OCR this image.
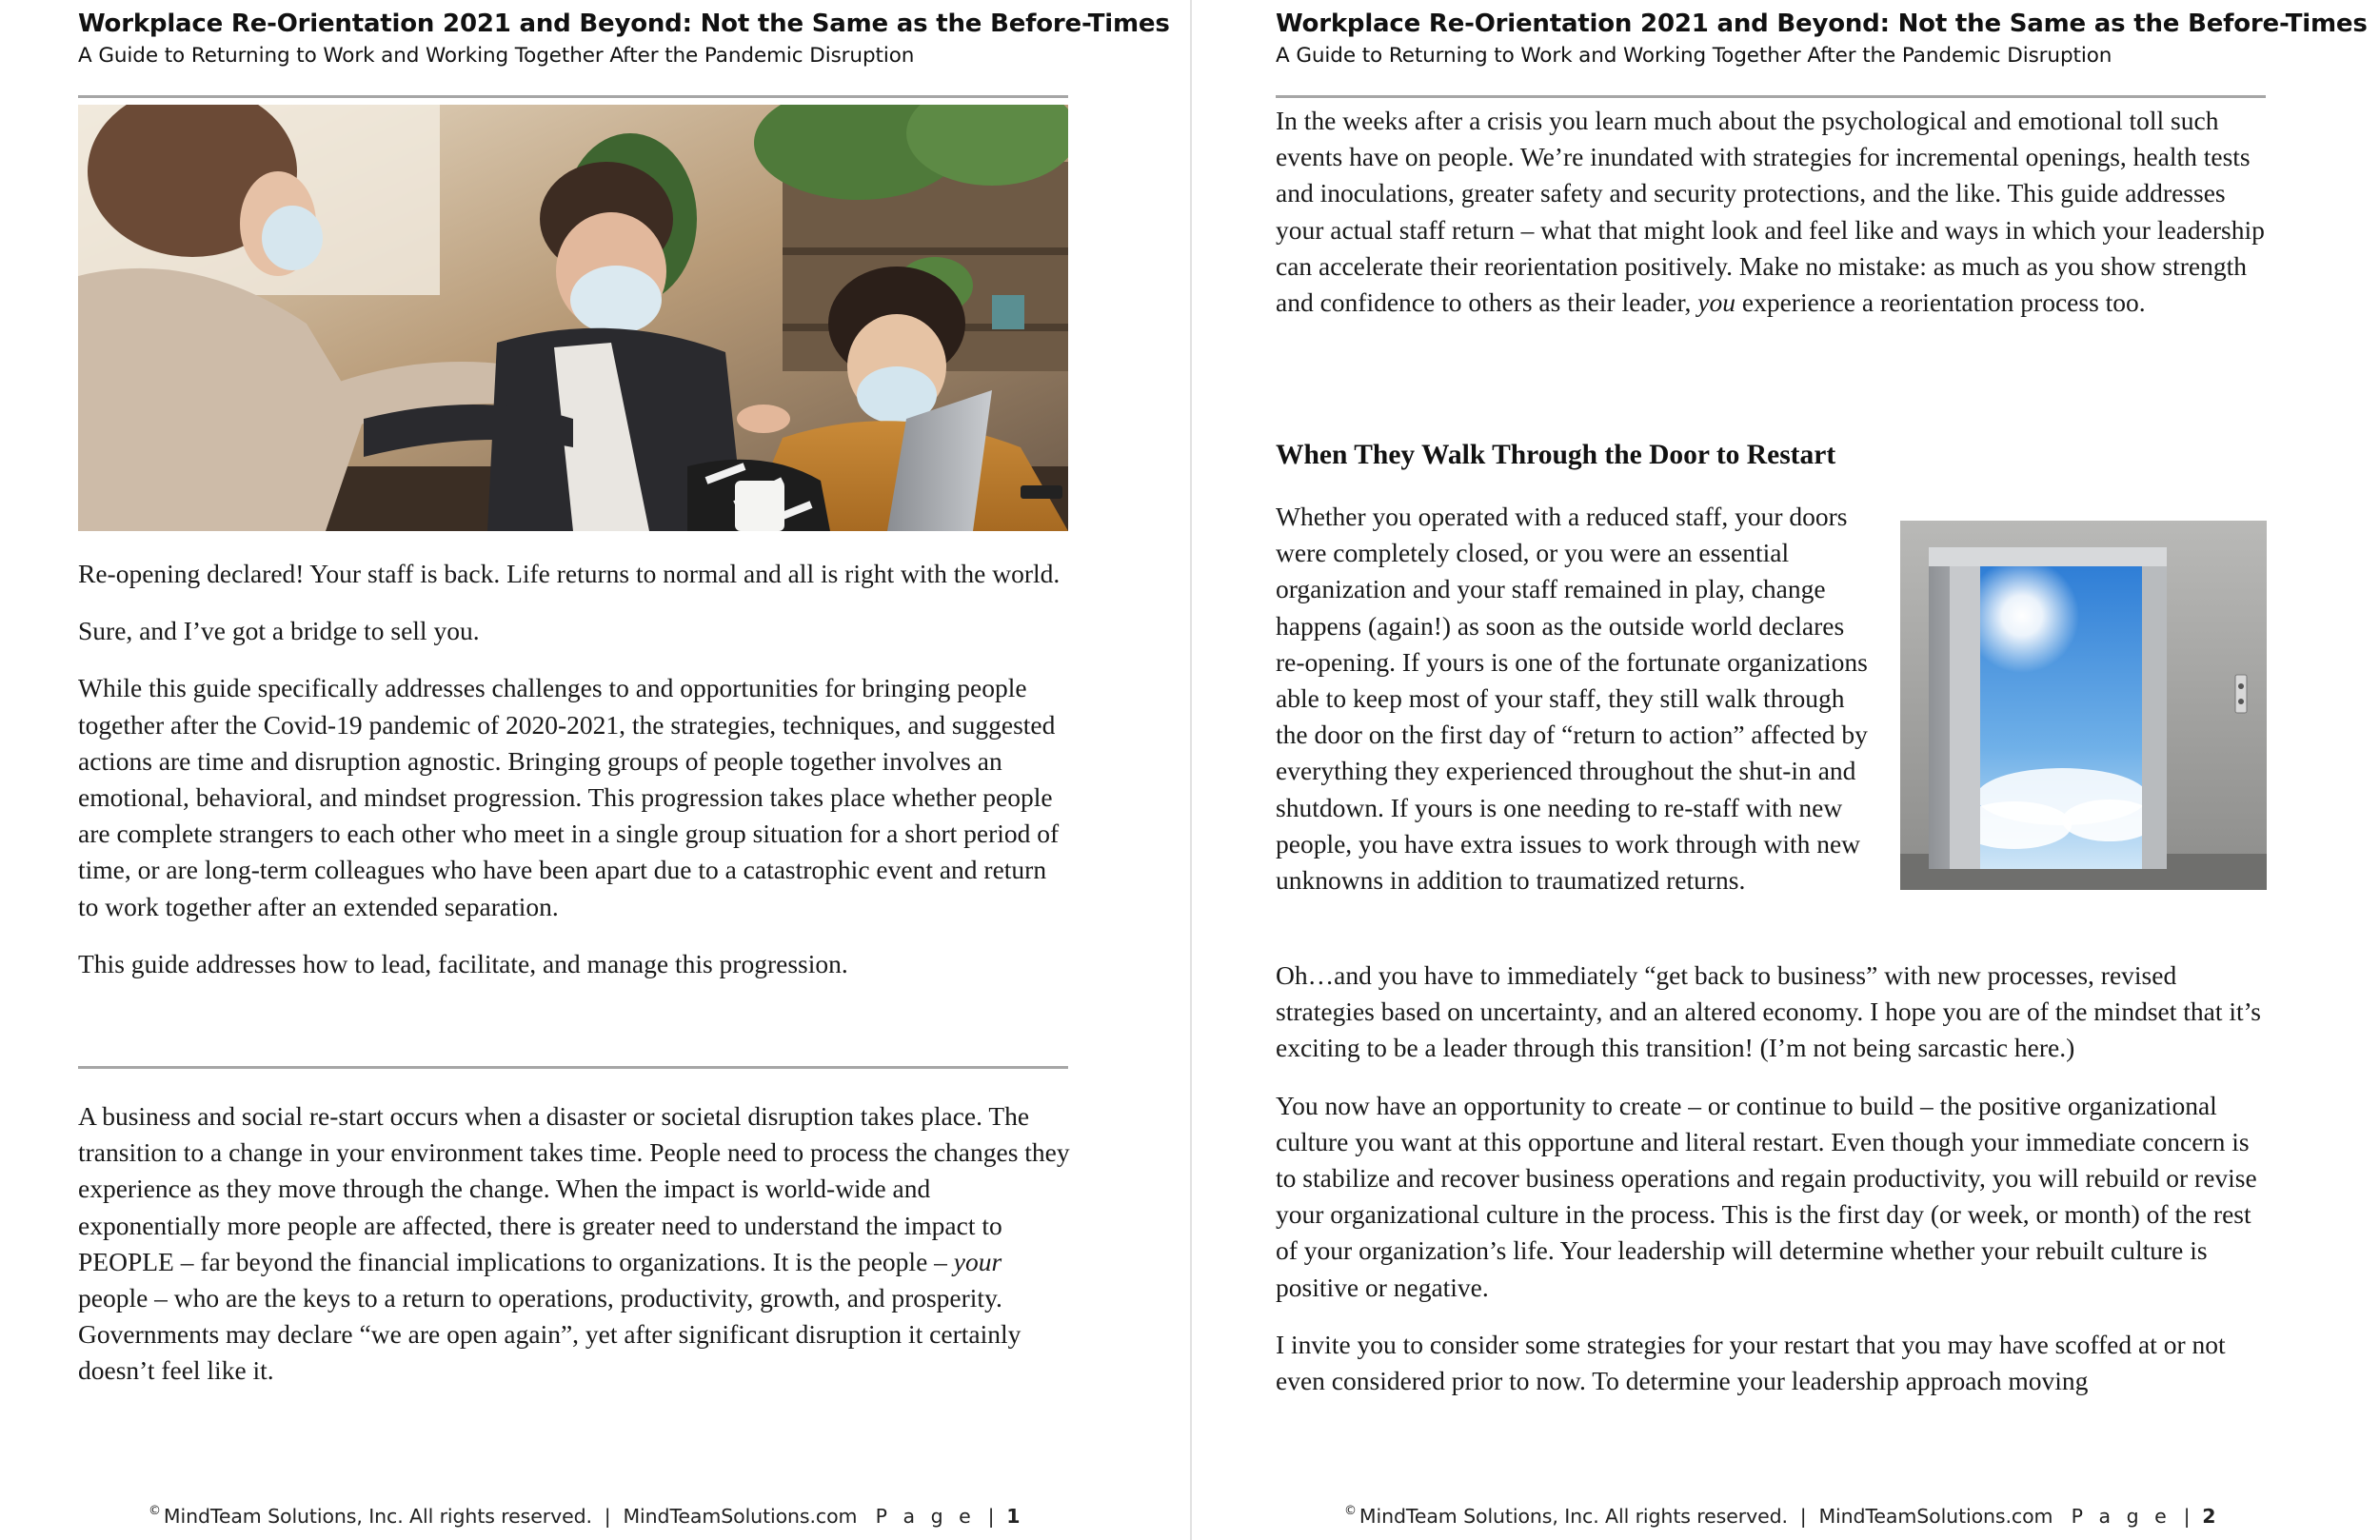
Workplace Re-Orientation 2021 and Beyond: Not the Same as the Before-Times
A Guide to Returning to Work and Working Together After the Pandemic Disruption

Re-opening declared! Your staff is back. Life returns to normal and all is right with the world.

Sure, and I’ve got a bridge to sell you.

While this guide specifically addresses challenges to and opportunities for bringing people together after the Covid-19 pandemic of 2020-2021, the strategies, techniques, and suggested actions are time and disruption agnostic. Bringing groups of people together involves an emotional, behavioral, and mindset progression. This progression takes place whether people are complete strangers to each other who meet in a single group situation for a short period of time, or are long-term colleagues who have been apart due to a catastrophic event and return to work together after an extended separation.

This guide addresses how to lead, facilitate, and manage this progression.

A business and social re-start occurs when a disaster or societal disruption takes place. The transition to a change in your environment takes time. People need to process the changes they experience as they move through the change. When the impact is world-wide and exponentially more people are affected, there is greater need to understand the impact to PEOPLE – far beyond the financial implications to organizations. It is the people – your people – who are the keys to a return to operations, productivity, growth, and prosperity. Governments may declare “we are open again”, yet after significant disruption it certainly doesn’t feel like it.

© MindTeam Solutions, Inc. All rights reserved. | MindTeamSolutions.com P a g e | 1
Workplace Re-Orientation 2021 and Beyond: Not the Same as the Before-Times
A Guide to Returning to Work and Working Together After the Pandemic Disruption

In the weeks after a crisis you learn much about the psychological and emotional toll such events have on people. We’re inundated with strategies for incremental openings, health tests and inoculations, greater safety and security protections, and the like. This guide addresses your actual staff return – what that might look and feel like and ways in which your leadership can accelerate their reorientation positively. Make no mistake: as much as you show strength and confidence to others as their leader, you experience a reorientation process too.

When They Walk Through the Door to Restart

Whether you operated with a reduced staff, your doors were completely closed, or you were an essential organization and your staff remained in play, change happens (again!) as soon as the outside world declares re-opening. If yours is one of the fortunate organizations able to keep most of your staff, they still walk through the door on the first day of “return to action” affected by everything they experienced throughout the shut-in and shutdown. If yours is one needing to re-staff with new people, you have extra issues to work through with new unknowns in addition to traumatized returns.

Oh…and you have to immediately “get back to business” with new processes, revised strategies based on uncertainty, and an altered economy. I hope you are of the mindset that it’s exciting to be a leader through this transition! (I’m not being sarcastic here.)

You now have an opportunity to create – or continue to build – the positive organizational culture you want at this opportune and literal restart. Even though your immediate concern is to stabilize and recover business operations and regain productivity, you will rebuild or revise your organizational culture in the process. This is the first day (or week, or month) of the rest of your organization’s life. Your leadership will determine whether your rebuilt culture is positive or negative.

I invite you to consider some strategies for your restart that you may have scoffed at or not even considered prior to now. To determine your leadership approach moving

© MindTeam Solutions, Inc. All rights reserved. | MindTeamSolutions.com P a g e | 2
